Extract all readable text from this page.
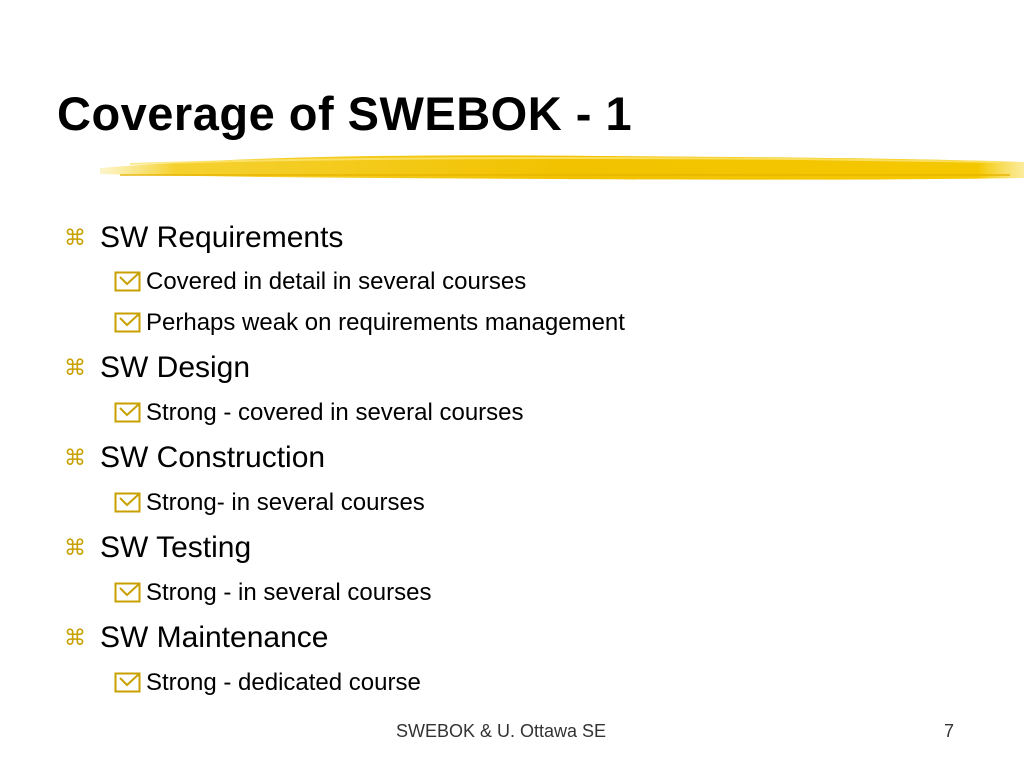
Coverage of SWEBOK - 1
⌘ SW Requirements
Covered in detail in several courses
Perhaps weak on requirements management
⌘ SW Design
Strong - covered in several courses
⌘ SW Construction
Strong- in several courses
⌘ SW Testing
Strong - in several courses
⌘ SW Maintenance
Strong - dedicated course
SWEBOK & U. Ottawa SE	7
